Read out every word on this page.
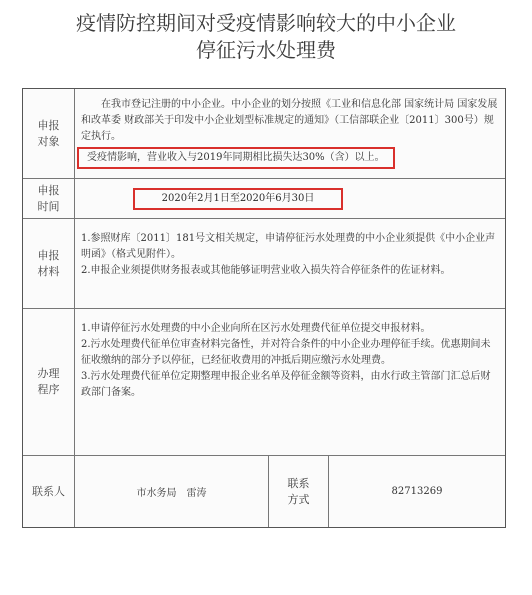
疫情防控期间对受疫情影响较大的中小企业
停征污水处理费
申报对象

在我市登记注册的中小企业。中小企业的划分按照《工业和信息化部 国家统计局 国家发展和改革委 财政部关于印发中小企业划型标准规定的通知》（工信部联企业〔2011〕300号）规定执行。

受疫情影响，营业收入与2019年同期相比损失达30%（含）以上。
申报时间
2020年2月1日至2020年6月30日
申报材料

1.参照财库〔2011〕181号文相关规定，申请停征污水处理费的中小企业须提供《中小企业声明函》（格式见附件）。

2.申报企业须提供财务报表或其他能够证明营业收入损失符合停征条件的佐证材料。

办理程序

1.申请停征污水处理费的中小企业向所在区污水处理费代征单位提交申报材料。

2.污水处理费代征单位审查材料完备性，并对符合条件的中小企业办理停征手续。优惠期间未征收缴纳的部分予以停征，已经征收费用的冲抵后期应缴污水处理费。

3.污水处理费代征单位定期整理申报企业名单及停征金额等资料，由水行政主管部门汇总后财政部门备案。

联系人	市水务局　雷涛
联系方式
82713269
